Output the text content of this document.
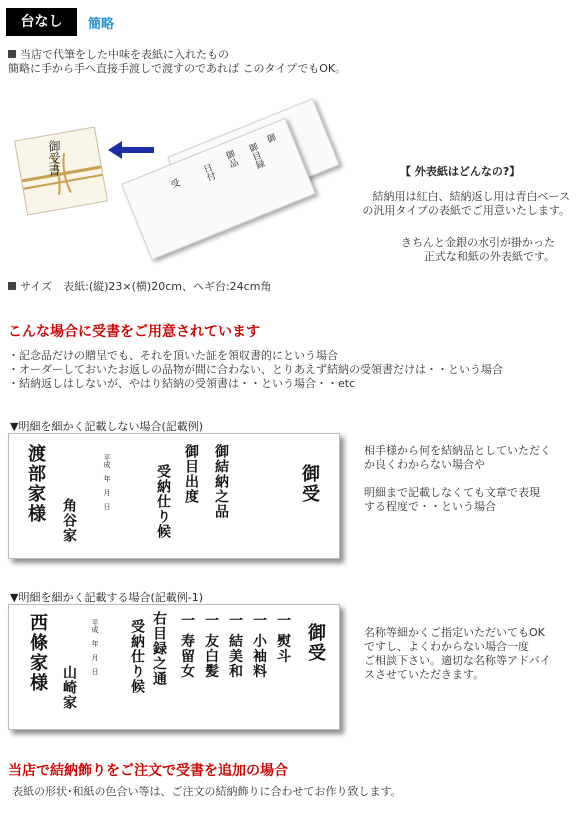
台なし	簡略
当店で代筆をした中味を表紙に入れたもの
簡略に手から手へ直接手渡しで渡すのであれば このタイプでもOK。
御受書
御
御目録
御品
日付
受
【 外表紙はどんなの?】
結納用は紅白、結納返し用は青白ベース
の汎用タイプの表紙でご用意いたします。
きちんと金銀の水引が掛かった
正式な和紙の外表紙です。
サイズ　表紙:(縦)23×(横)20cm、ヘギ台:24cm角
こんな場合に受書をご用意されています
・記念品だけの贈呈でも、それを頂いた証を領収書的にという場合
・オーダーしておいたお返しの品物が間に合わない、とりあえず結納の受領書だけは・・という場合
・結納返しはしないが、やはり結納の受領書は・・という場合・・etc
▼明細を細かく記載しない場合(記載例)
御受
御結納之品
御目出度
受納仕り候
平成　年　月　日
角谷家
渡部家様	相手様から何を結納品としていただく
か良くわからない場合や
明細まで記載しなくても文章で表現
する程度で・・という場合
▼明細を細かく記載する場合(記載例-1)
御受
一 熨斗
一 小袖料
一 結美和
一 友白髪
一 寿留女
右目録之通
受納仕り候
平成　年　月　日
山崎家
西條家様	名称等細かくご指定いただいてもOK
ですし、よくわからない場合一度
ご相談下さい。適切な名称等アドバイ
スさせていただきます。
当店で結納飾りをご注文で受書を追加の場合
表紙の形状･和紙の色合い等は、ご注文の結納飾りに合わせてお作り致します。
